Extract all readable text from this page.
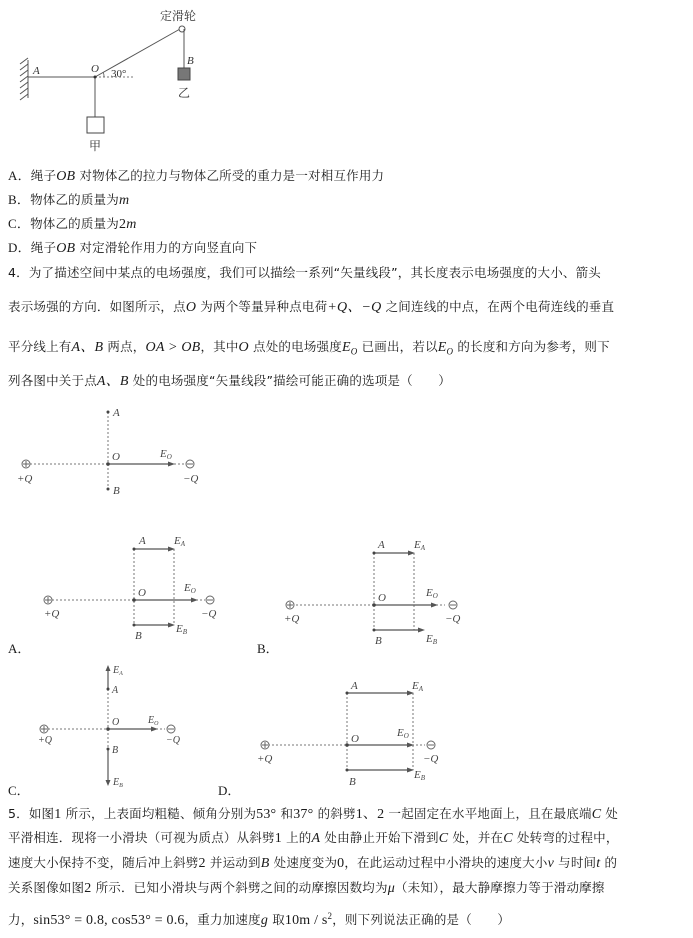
定滑轮
A	O 30°
B
乙
甲
A．绳子OB 对物体乙的拉力与物体乙所受的重力是一对相互作用力
B．物体乙的质量为m
C．物体乙的质量为2m
D．绳子OB 对定滑轮作用力的方向竖直向下
4．为了描述空间中某点的电场强度，我们可以描绘一系列“矢量线段”，其长度表示电场强度的大小、箭头
表示场强的方向．如图所示，点O 为两个等量异种点电荷+Q、−Q 之间连线的中点，在两个电荷连线的垂直
平分线上有A、B 两点，OA > OB，其中O 点处的电场强度$E_O$ 已画出，若以$E_O$ 的长度和方向为参考，则下
列各图中关于点A、B 处的电场强度“矢量线段”描绘可能正确的选项是（　　）
A
O
B
EO
+Q	−Q
A	EA
O	EO
B
EB
+Q	−Q
A．
A	EA
O	EO
B	EB
+Q	−Q
B．
$E_A$
A
O	$E_O$
B
$E_B$
+Q	−Q
C．
A	EA
O	EO
B
EB
+Q	−Q
D．
5．如图1 所示，上表面均粗糙、倾角分别为53° 和37° 的斜劈1、2 一起固定在水平地面上，且在最底端C 处
平滑相连．现将一小滑块（可视为质点）从斜劈1 上的A 处由静止开始下滑到C 处，并在C 处转弯的过程中，
速度大小保持不变，随后冲上斜劈2 并运动到B 处速度变为0，在此运动过程中小滑块的速度大小v 与时间t 的
关系图像如图2 所示．已知小滑块与两个斜劈之间的动摩擦因数均为μ（未知），最大静摩擦力等于滑动摩擦
力，sin53° = 0.8, cos53° = 0.6，重力加速度g 取$10m / s^2$，则下列说法正确的是（　　）
